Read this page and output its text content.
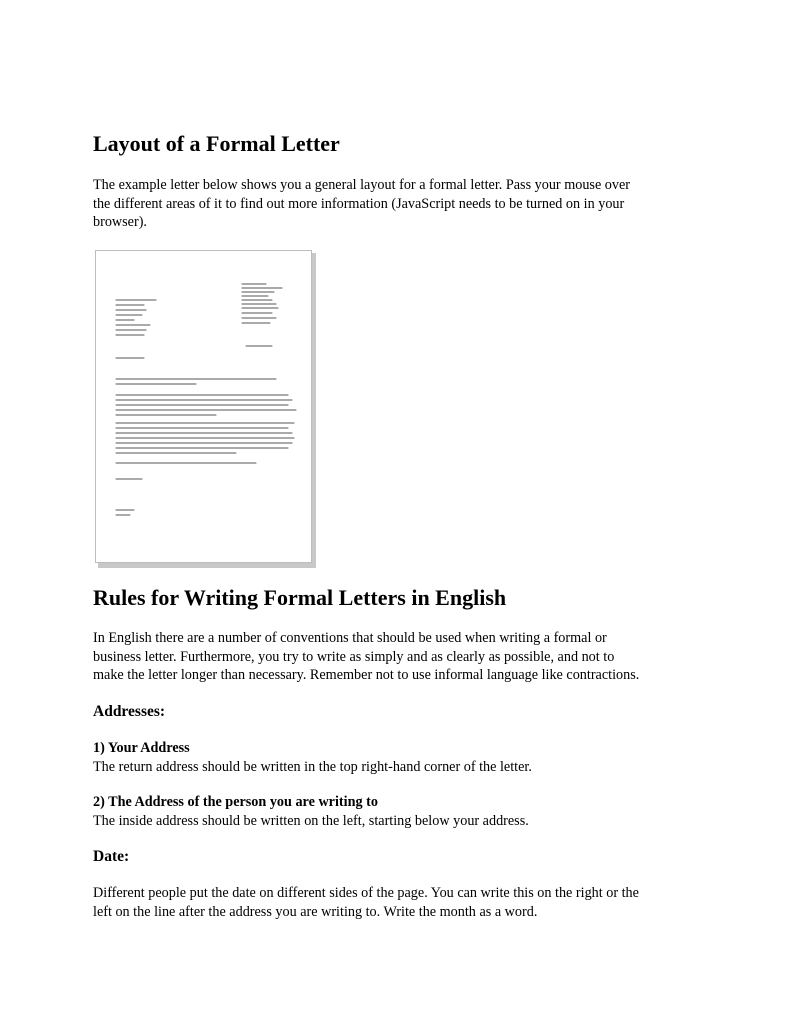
Layout of a Formal Letter

The example letter below shows you a general layout for a formal letter. Pass your mouse over
the different areas of it to find out more information (JavaScript needs to be turned on in your
browser).

Rules for Writing Formal Letters in English

In English there are a number of conventions that should be used when writing a formal or
business letter. Furthermore, you try to write as simply and as clearly as possible, and not to
make the letter longer than necessary. Remember not to use informal language like contractions.

Addresses:

1) Your Address
The return address should be written in the top right-hand corner of the letter.

2) The Address of the person you are writing to
The inside address should be written on the left, starting below your address.

Date:

Different people put the date on different sides of the page. You can write this on the right or the
left on the line after the address you are writing to. Write the month as a word.
